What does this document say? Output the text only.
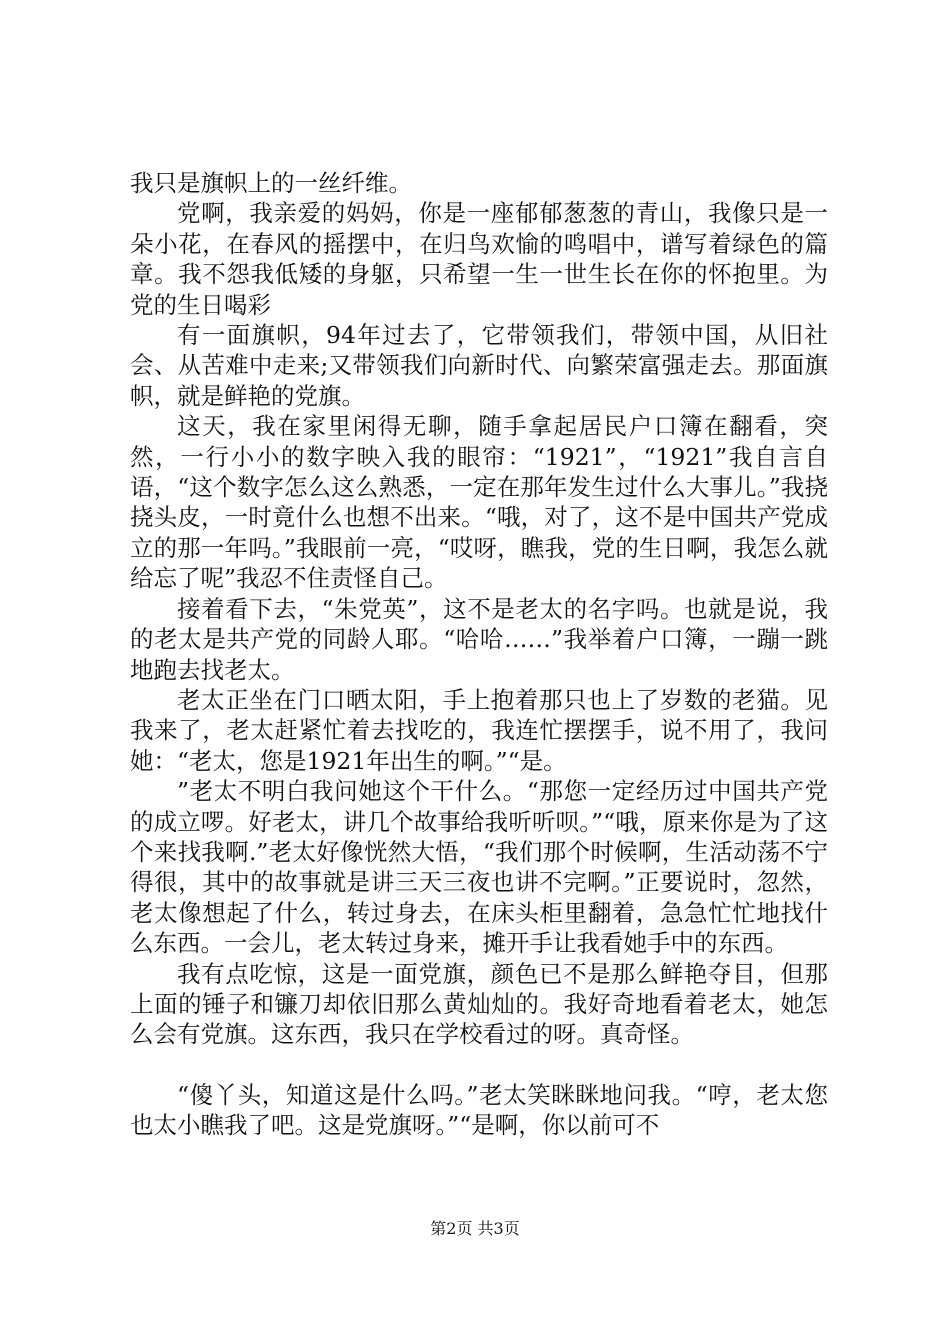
我只是旗帜上的一丝纤维。

党啊，我亲爱的妈妈，你是一座郁郁葱葱的青山，我像只是一朵小花，在春风的摇摆中，在归鸟欢愉的鸣唱中，谱写着绿色的篇章。我不怨我低矮的身躯，只希望一生一世生长在你的怀抱里。为党的生日喝彩

有一面旗帜，94年过去了，它带领我们，带领中国，从旧社会、从苦难中走来;又带领我们向新时代、向繁荣富强走去。那面旗帜，就是鲜艳的党旗。

这天，我在家里闲得无聊，随手拿起居民户口簿在翻看，突然，一行小小的数字映入我的眼帘：“1921”，“1921”我自言自语，“这个数字怎么这么熟悉，一定在那年发生过什么大事儿。”我挠挠头皮，一时竟什么也想不出来。“哦，对了，这不是中国共产党成立的那一年吗。”我眼前一亮，“哎呀，瞧我，党的生日啊，我怎么就给忘了呢”我忍不住责怪自己。

接着看下去，“朱党英”，这不是老太的名字吗。也就是说，我的老太是共产党的同龄人耶。“哈哈……”我举着户口簿，一蹦一跳地跑去找老太。

老太正坐在门口晒太阳，手上抱着那只也上了岁数的老猫。见我来了，老太赶紧忙着去找吃的，我连忙摆摆手，说不用了，我问她：“老太，您是1921年出生的啊。”“是。

”老太不明白我问她这个干什么。“那您一定经历过中国共产党的成立啰。好老太，讲几个故事给我听听呗。”“哦，原来你是为了这个来找我啊.”老太好像恍然大悟，“我们那个时候啊，生活动荡不宁得很，其中的故事就是讲三天三夜也讲不完啊。”正要说时，忽然，老太像想起了什么，转过身去，在床头柜里翻着，急急忙忙地找什么东西。一会儿，老太转过身来，摊开手让我看她手中的东西。

我有点吃惊，这是一面党旗，颜色已不是那么鲜艳夺目，但那上面的锤子和镰刀却依旧那么黄灿灿的。我好奇地看着老太，她怎么会有党旗。这东西，我只在学校看过的呀。真奇怪。

“傻丫头，知道这是什么吗。”老太笑眯眯地问我。“哼，老太您也太小瞧我了吧。这是党旗呀。”“是啊，你以前可不

第2页 共3页
